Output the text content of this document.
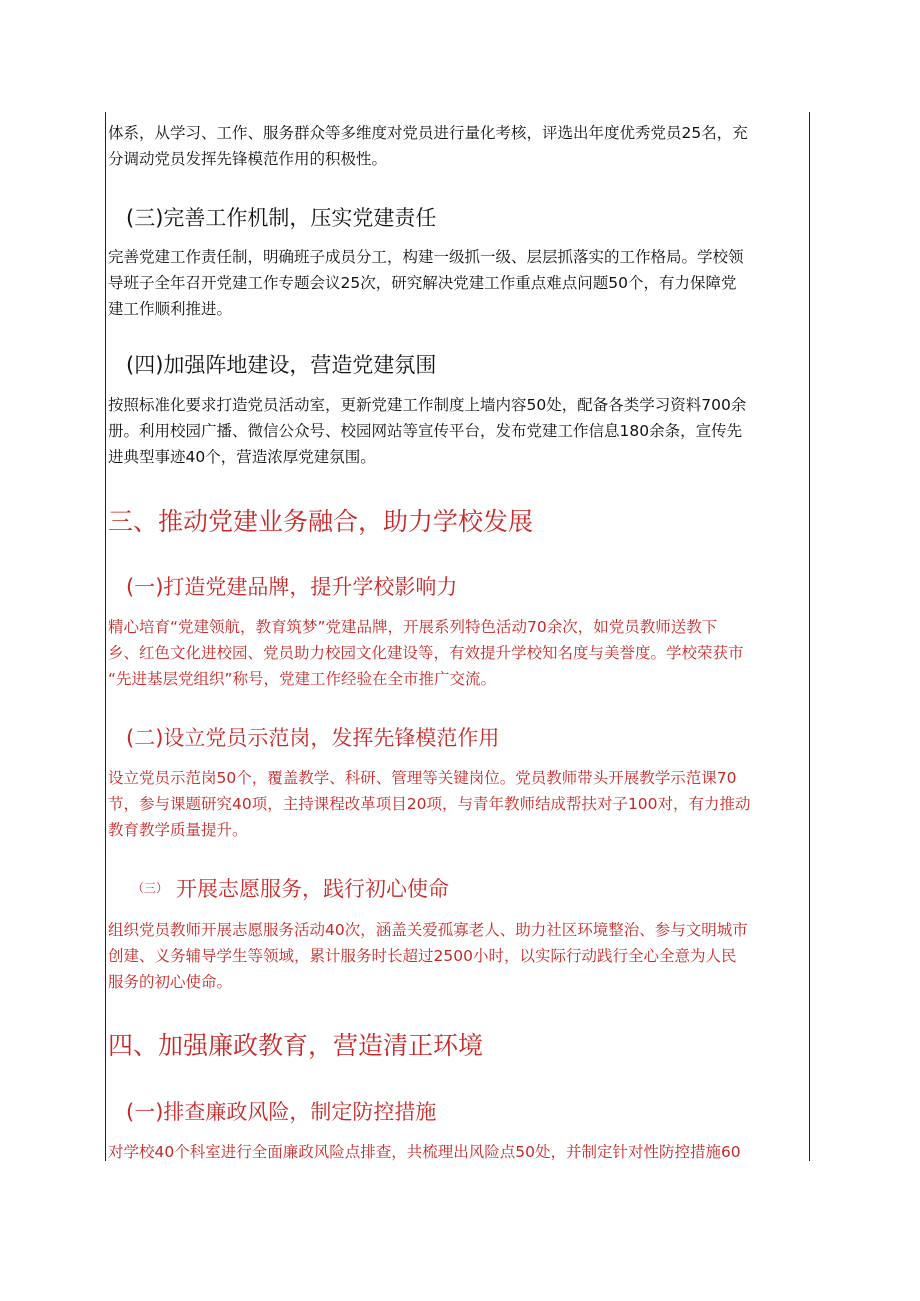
体系，从学习、工作、服务群众等多维度对党员进行量化考核，评选出年度优秀党员25名，充
分调动党员发挥先锋模范作用的积极性。
(三)完善工作机制，压实党建责任
完善党建工作责任制，明确班子成员分工，构建一级抓一级、层层抓落实的工作格局。学校领
导班子全年召开党建工作专题会议25次，研究解决党建工作重点难点问题50个，有力保障党
建工作顺利推进。
(四)加强阵地建设，营造党建氛围
按照标准化要求打造党员活动室，更新党建工作制度上墙内容50处，配备各类学习资料700余
册。利用校园广播、微信公众号、校园网站等宣传平台，发布党建工作信息180余条，宣传先
进典型事迹40个，营造浓厚党建氛围。
三、推动党建业务融合，助力学校发展
(一)打造党建品牌，提升学校影响力
精心培育“党建领航，教育筑梦”党建品牌，开展系列特色活动70余次，如党员教师送教下
乡、红色文化进校园、党员助力校园文化建设等，有效提升学校知名度与美誉度。学校荣获市
“先进基层党组织”称号，党建工作经验在全市推广交流。
(二)设立党员示范岗，发挥先锋模范作用
设立党员示范岗50个，覆盖教学、科研、管理等关键岗位。党员教师带头开展教学示范课70
节，参与课题研究40项，主持课程改革项目20项，与青年教师结成帮扶对子100对，有力推动
教育教学质量提升。
（三） 开展志愿服务，践行初心使命
组织党员教师开展志愿服务活动40次，涵盖关爱孤寡老人、助力社区环境整治、参与文明城市
创建、义务辅导学生等领域，累计服务时长超过2500小时，以实际行动践行全心全意为人民
服务的初心使命。
四、加强廉政教育，营造清正环境
(一)排查廉政风险，制定防控措施
对学校40个科室进行全面廉政风险点排查，共梳理出风险点50处，并制定针对性防控措施60
